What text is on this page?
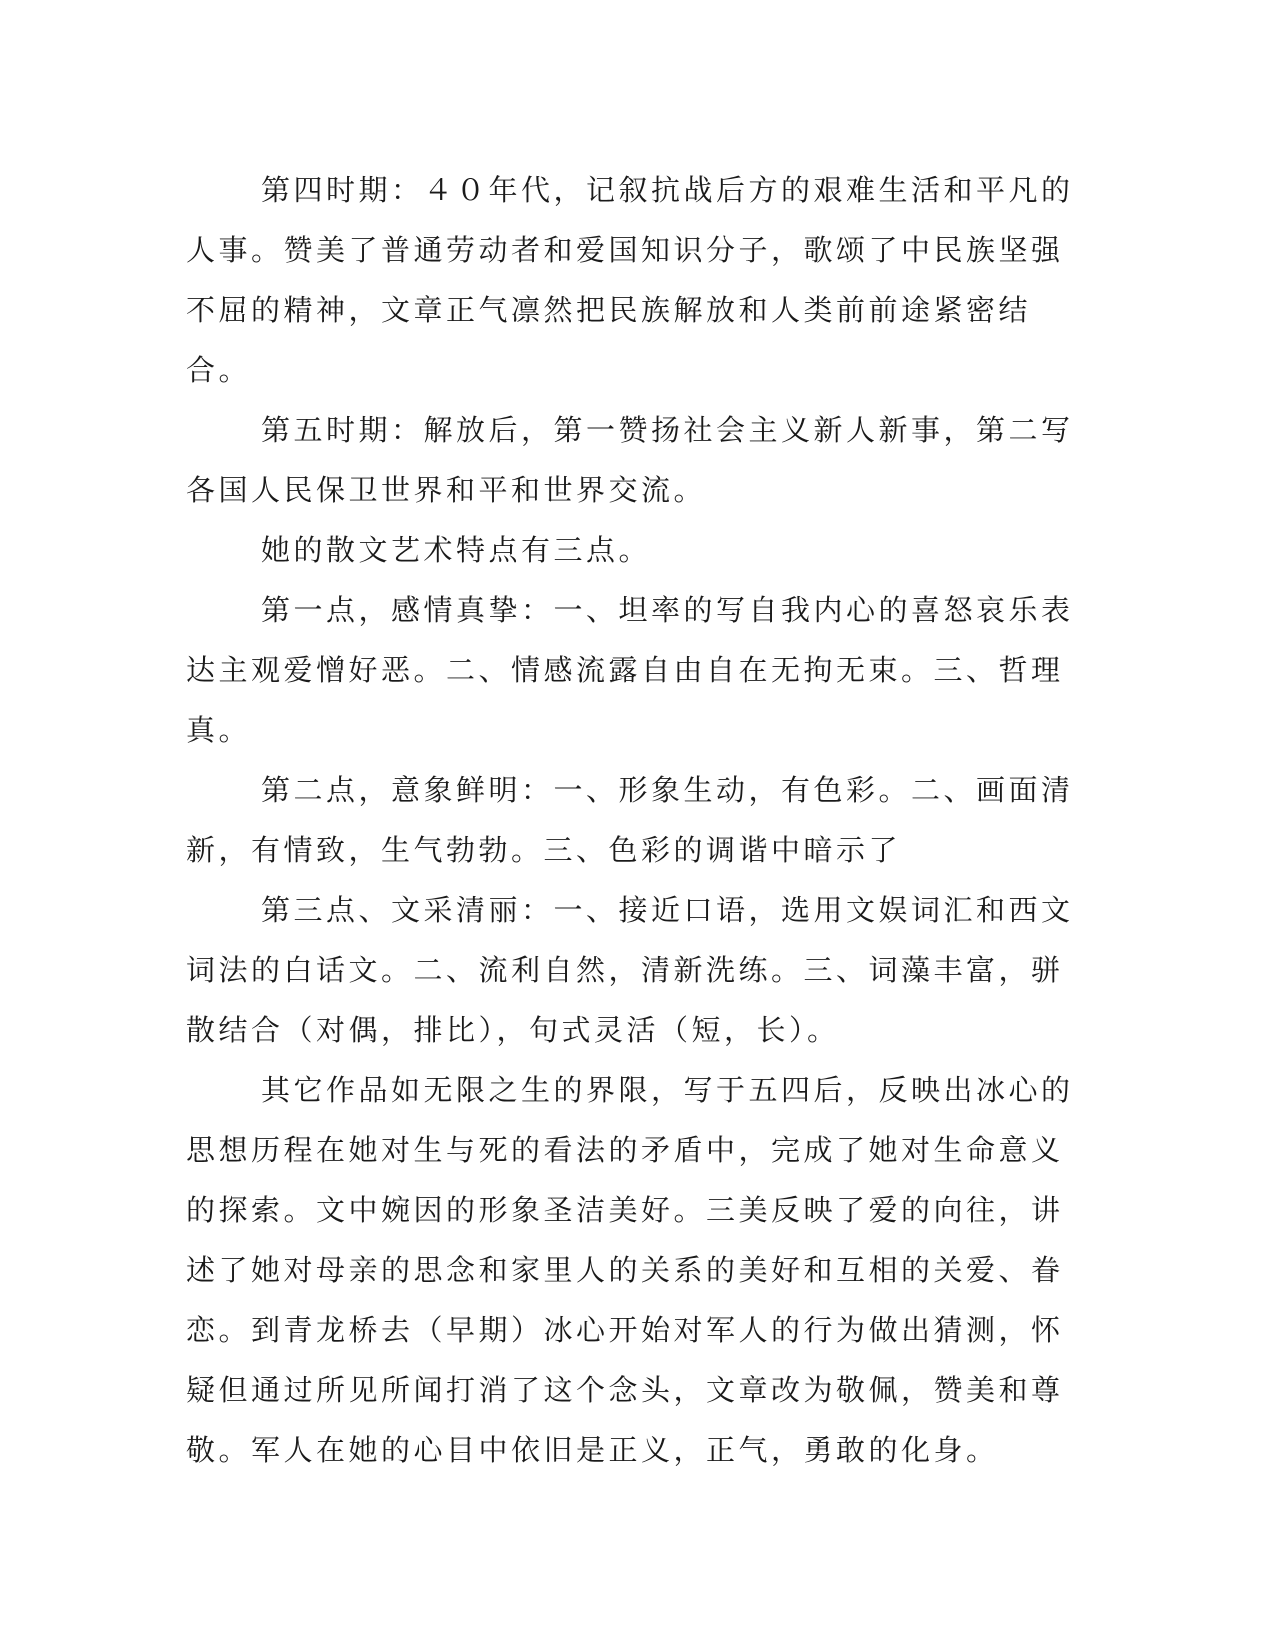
第四时期：４０年代，记叙抗战后方的艰难生活和平凡的人事。赞美了普通劳动者和爱国知识分子，歌颂了中民族坚强不屈的精神，文章正气凛然把民族解放和人类前前途紧密结合。

第五时期：解放后，第一赞扬社会主义新人新事，第二写各国人民保卫世界和平和世界交流。

她的散文艺术特点有三点。

第一点，感情真挚：一、坦率的写自我内心的喜怒哀乐表达主观爱憎好恶。二、情感流露自由自在无拘无束。三、哲理真。

第二点，意象鲜明：一、形象生动，有色彩。二、画面清新，有情致，生气勃勃。三、色彩的调谐中暗示了

第三点、文采清丽：一、接近口语，选用文娱词汇和西文词法的白话文。二、流利自然，清新洗练。三、词藻丰富，骈散结合（对偶，排比），句式灵活（短，长）。

其它作品如无限之生的界限，写于五四后，反映出冰心的思想历程在她对生与死的看法的矛盾中，完成了她对生命意义的探索。文中婉因的形象圣洁美好。三美反映了爱的向往，讲述了她对母亲的思念和家里人的关系的美好和互相的关爱、眷恋。到青龙桥去（早期）冰心开始对军人的行为做出猜测，怀疑但通过所见所闻打消了这个念头，文章改为敬佩，赞美和尊敬。军人在她的心目中依旧是正义，正气，勇敢的化身。
